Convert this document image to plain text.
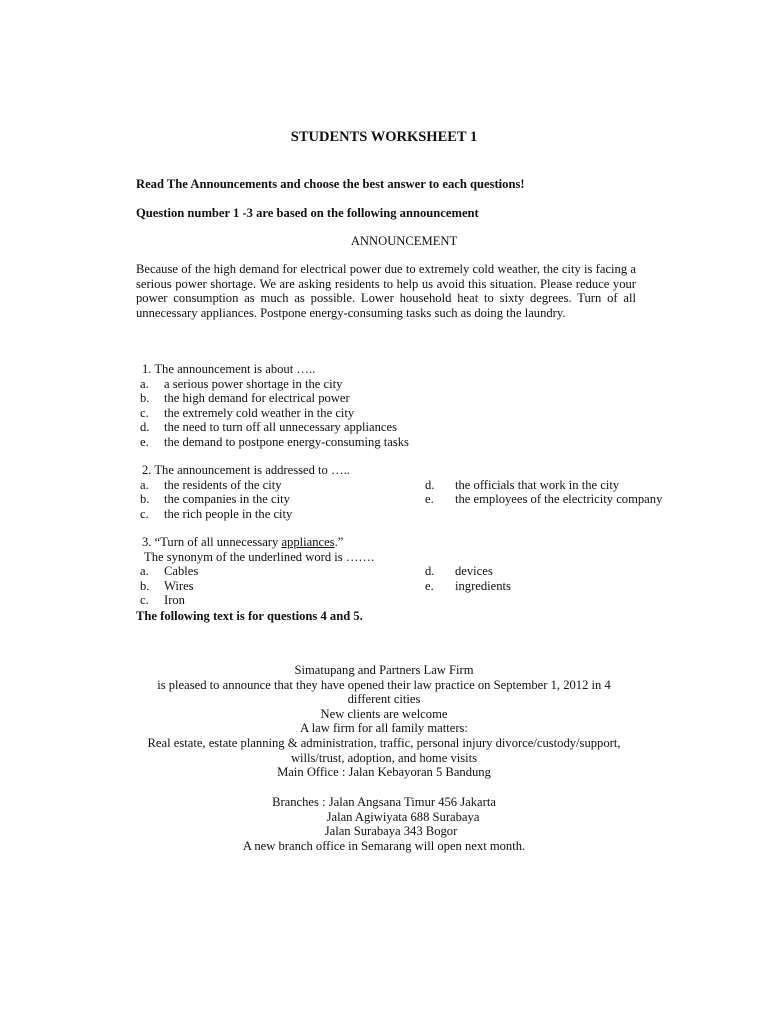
STUDENTS WORKSHEET 1
Read The Announcements and choose the best answer to each questions!
Question number 1 -3 are based on the following announcement
ANNOUNCEMENT

Because of the high demand for electrical power due to extremely cold weather, the city is facing a serious power shortage. We are asking residents to help us avoid this situation. Please reduce your power consumption as much as possible. Lower household heat to sixty degrees. Turn of all unnecessary appliances. Postpone energy-consuming tasks such as doing the laundry.

1. The announcement is about …..
a. a serious power shortage in the city
b. the high demand for electrical power
c. the extremely cold weather in the city
d. the need to turn off all unnecessary appliances
e. the demand to postpone energy-consuming tasks
2. The announcement is addressed to …..
a. the residents of the city	d. the officials that work in the city
b. the companies in the city	e. the employees of the electricity company
c. the rich people in the city
3. “Turn of all unnecessary appliances.”
The synonym of the underlined word is …….
a. Cables	d. devices
b. Wires	e. ingredients
c. Iron
The following text is for questions 4 and 5.
Simatupang and Partners Law Firm
is pleased to announce that they have opened their law practice on September 1, 2012 in 4
different cities
New clients are welcome
A law firm for all family matters:
Real estate, estate planning & administration, traffic, personal injury divorce/custody/support,
wills/trust, adoption, and home visits
Main Office : Jalan Kebayoran 5 Bandung
Branches : Jalan Angsana Timur 456 Jakarta
Jalan Agiwiyata 688 Surabaya
Jalan Surabaya 343 Bogor
A new branch office in Semarang will open next month.
